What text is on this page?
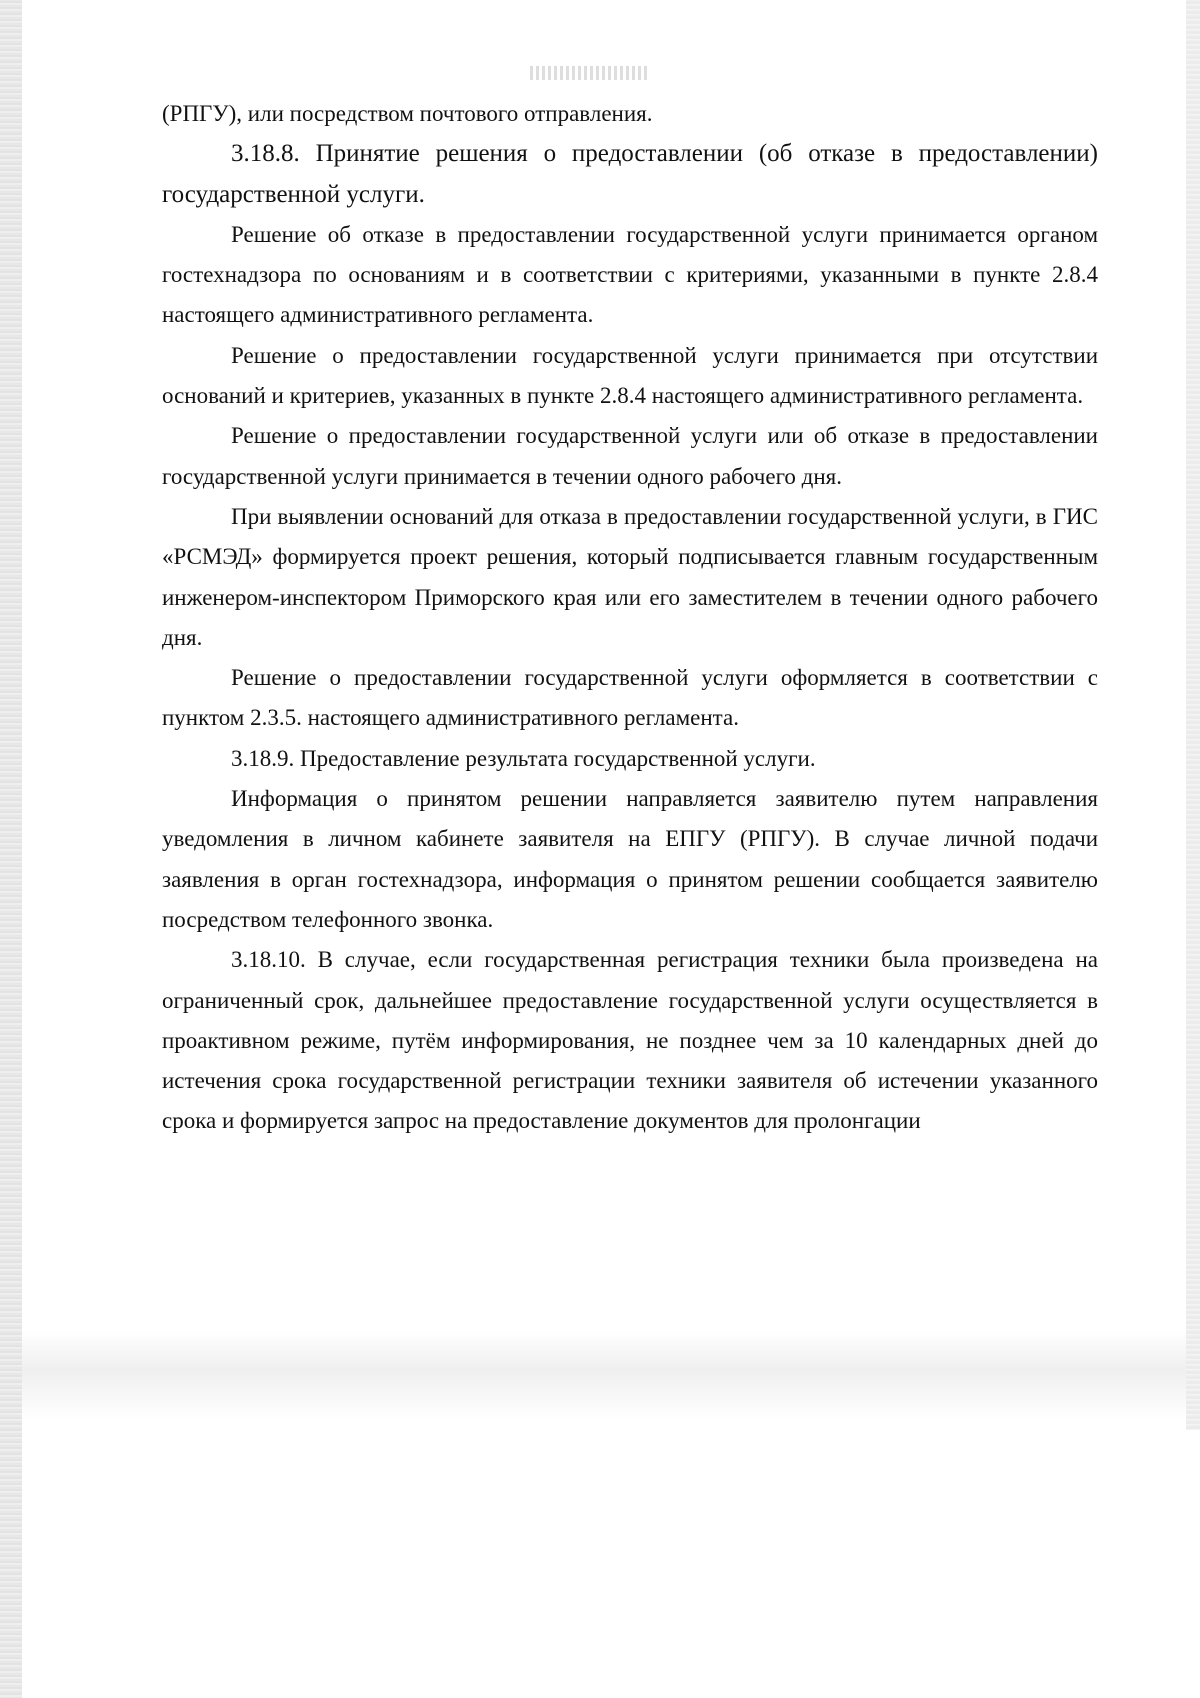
(РПГУ), или посредством почтового отправления.

3.18.8. Принятие решения о предоставлении (об отказе в предоставлении) государственной услуги.

Решение об отказе в предоставлении государственной услуги принимается органом гостехнадзора по основаниям и в соответствии с критериями, указанными в пункте 2.8.4 настоящего административного регламента.

Решение о предоставлении государственной услуги принимается при отсутствии оснований и критериев, указанных в пункте 2.8.4 настоящего административного регламента.

Решение о предоставлении государственной услуги или об отказе в предоставлении государственной услуги принимается в течении одного рабочего дня.

При выявлении оснований для отказа в предоставлении государственной услуги, в ГИС «РСМЭД» формируется проект решения, который подписывается главным государственным инженером-инспектором Приморского края или его заместителем в течении одного рабочего дня.

Решение о предоставлении государственной услуги оформляется в соответствии с пунктом 2.3.5. настоящего административного регламента.

3.18.9. Предоставление результата государственной услуги.

Информация о принятом решении направляется заявителю путем направления уведомления в личном кабинете заявителя на ЕПГУ (РПГУ). В случае личной подачи заявления в орган гостехнадзора, информация о принятом решении сообщается заявителю посредством телефонного звонка.

3.18.10. В случае, если государственная регистрация техники была произведена на ограниченный срок, дальнейшее предоставление государственной услуги осуществляется в проактивном режиме, путём информирования, не позднее чем за 10 календарных дней до истечения срока государственной регистрации техники заявителя об истечении указанного срока и формируется запрос на предоставление документов для пролонгации
